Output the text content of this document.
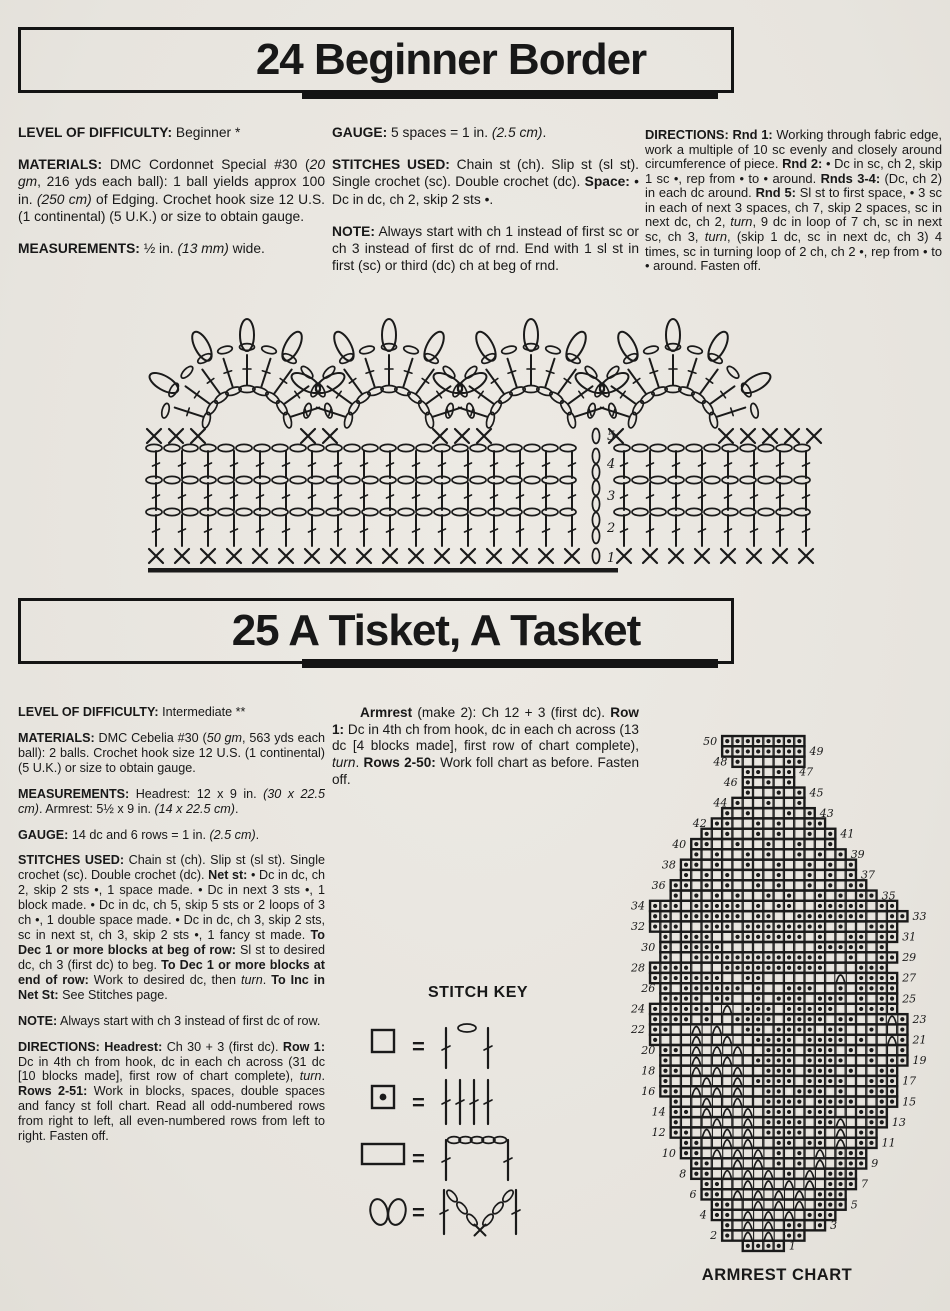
24 Beginner Border

LEVEL OF DIFFICULTY: Beginner *

MATERIALS: DMC Cordonnet Special #30 (20 gm, 216 yds each ball): 1 ball yields approx 100 in. (250 cm) of Edging. Crochet hook size 12 U.S. (1 continental) (5 U.K.) or size to obtain gauge.

MEASUREMENTS: ½ in. (13 mm) wide.

GAUGE: 5 spaces = 1 in. (2.5 cm).

STITCHES USED: Chain st (ch). Slip st (sl st). Single crochet (sc). Double crochet (dc). Space: • Dc in dc, ch 2, skip 2 sts •.

NOTE: Always start with ch 1 instead of first sc or ch 3 instead of first dc of rnd. End with 1 sl st in first (sc) or third (dc) ch at beg of rnd.

DIRECTIONS: Rnd 1: Working through fabric edge, work a multiple of 10 sc evenly and closely around circumference of piece. Rnd 2: • Dc in sc, ch 2, skip 1 sc •, rep from • to • around. Rnds 3-4: (Dc, ch 2) in each dc around. Rnd 5: Sl st to first space, • 3 sc in each of next 3 spaces, ch 7, skip 2 spaces, sc in next dc, ch 2, turn, 9 dc in loop of 7 ch, sc in next sc, ch 3, turn, (skip 1 dc, sc in next dc, ch 3) 4 times, sc in turning loop of 2 ch, ch 2 •, rep from • to • around. Fasten off.

1
2
3
4
5
25 A Tisket, A Tasket

LEVEL OF DIFFICULTY: Intermediate **

MATERIALS: DMC Cebelia #30 (50 gm, 563 yds each ball): 2 balls. Crochet hook size 12 U.S. (1 continental) (5 U.K.) or size to obtain gauge.

MEASUREMENTS: Headrest: 12 x 9 in. (30 x 22.5 cm). Armrest: 5½ x 9 in. (14 x 22.5 cm).

GAUGE: 14 dc and 6 rows = 1 in. (2.5 cm).

STITCHES USED: Chain st (ch). Slip st (sl st). Single crochet (sc). Double crochet (dc). Net st: • Dc in dc, ch 2, skip 2 sts •, 1 space made. • Dc in next 3 sts •, 1 block made. • Dc in dc, ch 5, skip 5 sts or 2 loops of 3 ch •, 1 double space made. • Dc in dc, ch 3, skip 2 sts, sc in next st, ch 3, skip 2 sts •, 1 fancy st made. To Dec 1 or more blocks at beg of row: Sl st to desired dc, ch 3 (first dc) to beg. To Dec 1 or more blocks at end of row: Work to desired dc, then turn. To Inc in Net St: See Stitches page.

NOTE: Always start with ch 3 instead of first dc of row.

DIRECTIONS: Headrest: Ch 30 + 3 (first dc). Row 1: Dc in 4th ch from hook, dc in each ch across (31 dc [10 blocks made], first row of chart complete), turn. Rows 2-51: Work in blocks, spaces, double spaces and fancy st foll chart. Read all odd-numbered rows from right to left, all even-numbered rows from left to right. Fasten off.

Armrest (make 2): Ch 12 + 3 (first dc). Row 1: Dc in 4th ch from hook, dc in each ch across (13 dc [4 blocks made], first row of chart complete), turn. Rows 2-50: Work foll chart as before. Fasten off.

STITCH KEY
=
=
=
=
50
49
48
47
46
45
44
43
42
41
40
39
38
37
36
35
34
33
32
31
30
29
28
27
26
25
24
23
22
21
20
19
18
17
16
15
14
13
12
11
10
9
8
7
6
5
4
3
2
1
ARMREST CHART
